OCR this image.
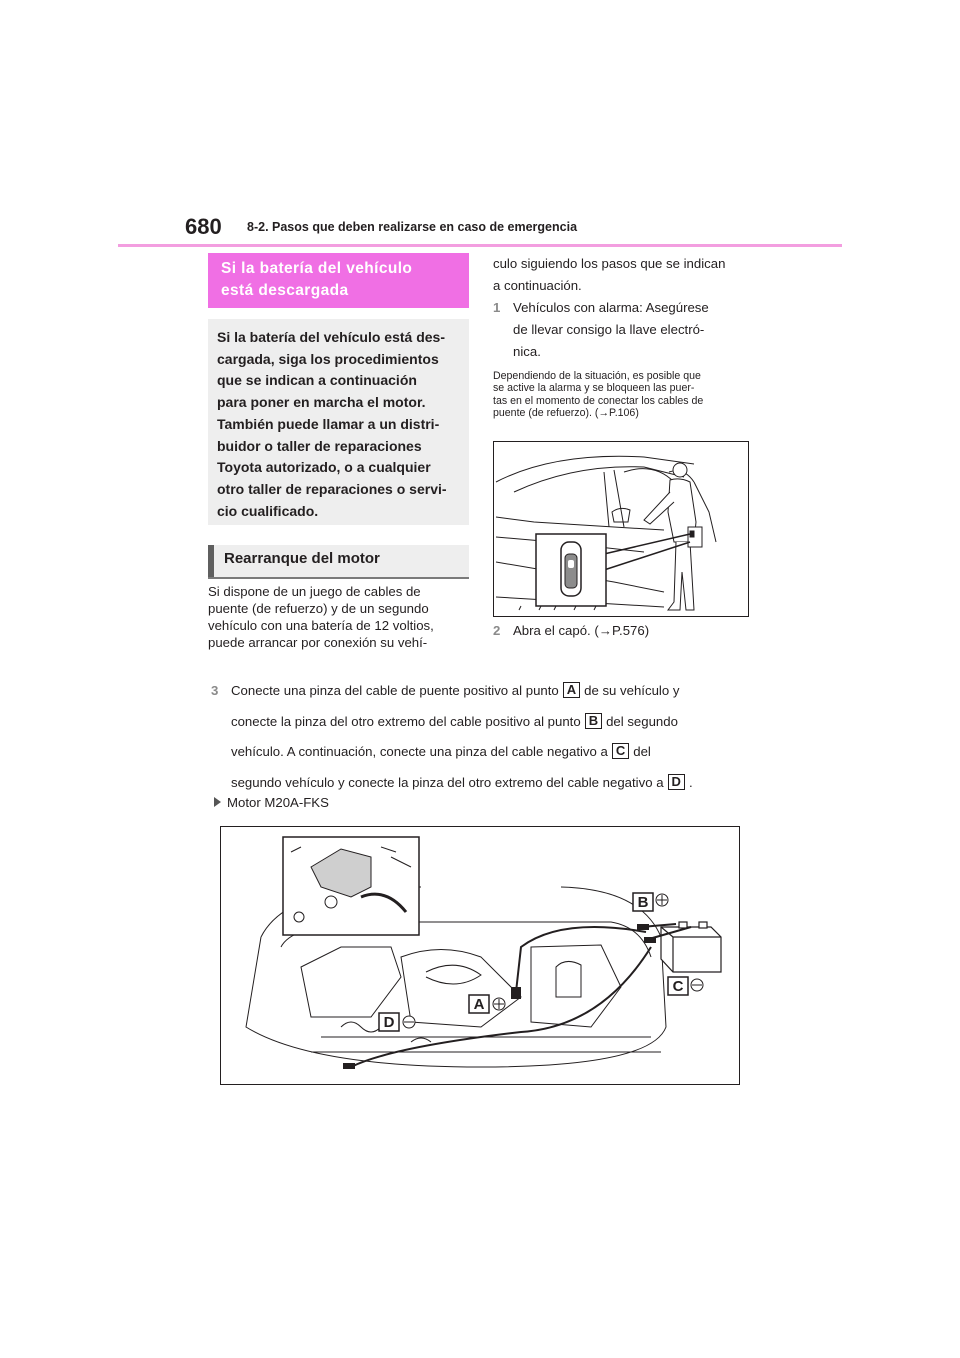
680 8-2. Pasos que deben realizarse en caso de emergencia
Si la batería del vehículo
está descargada
Si la batería del vehículo está des-
cargada, siga los procedimientos
que se indican a continuación
para poner en marcha el motor.
También puede llamar a un distri-
buidor o taller de reparaciones
Toyota autorizado, o a cualquier
otro taller de reparaciones o servi-
cio cualificado.
Rearranque del motor
Si dispone de un juego de cables de
puente (de refuerzo) y de un segundo
vehículo con una batería de 12 voltios,
puede arrancar por conexión su vehí-
culo siguiendo los pasos que se indican
a continuación.
1 Vehículos con alarma: Asegúrese
de llevar consigo la llave electró-
nica.
Dependiendo de la situación, es posible que
se active la alarma y se bloqueen las puer-
tas en el momento de conectar los cables de
puente (de refuerzo). (→P.106)
2 Abra el capó. (→P.576)
3 Conecte una pinza del cable de puente positivo al punto A de su vehículo y
conecte la pinza del otro extremo del cable positivo al punto B del segundo
vehículo. A continuación, conecte una pinza del cable negativo a C del
segundo vehículo y conecte la pinza del otro extremo del cable negativo a D .
Motor M20A-FKS
A
D
B
C
